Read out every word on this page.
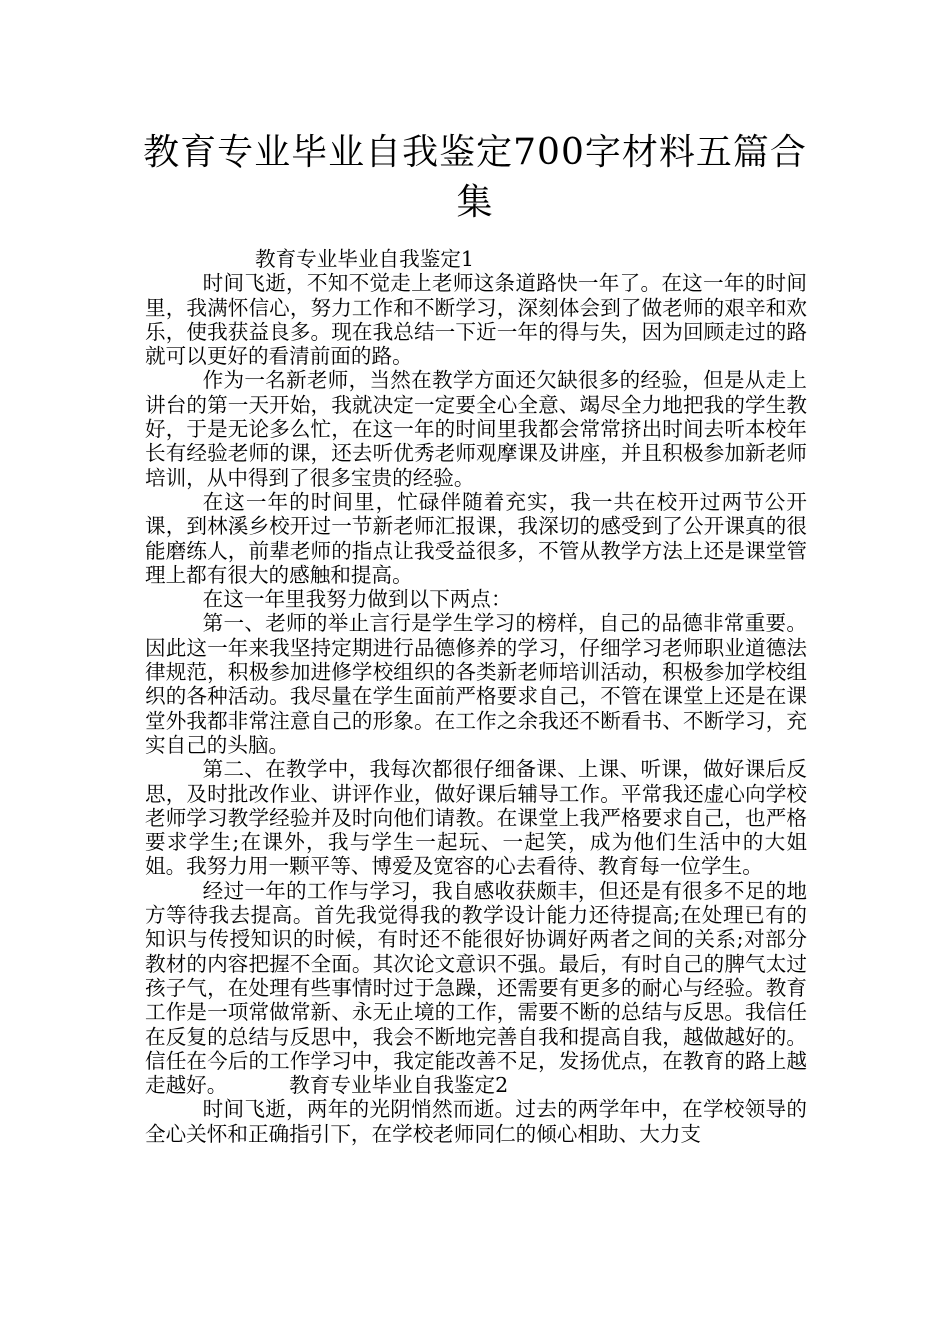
教育专业毕业自我鉴定700字材料五篇合集
教育专业毕业自我鉴定1

时间飞逝，不知不觉走上老师这条道路快一年了。在这一年的时间里，我满怀信心，努力工作和不断学习，深刻体会到了做老师的艰辛和欢乐，使我获益良多。现在我总结一下近一年的得与失，因为回顾走过的路就可以更好的看清前面的路。

作为一名新老师，当然在教学方面还欠缺很多的经验，但是从走上讲台的第一天开始，我就决定一定要全心全意、竭尽全力地把我的学生教好，于是无论多么忙，在这一年的时间里我都会常常挤出时间去听本校年长有经验老师的课，还去听优秀老师观摩课及讲座，并且积极参加新老师培训，从中得到了很多宝贵的经验。

在这一年的时间里，忙碌伴随着充实，我一共在校开过两节公开课，到林溪乡校开过一节新老师汇报课，我深切的感受到了公开课真的很能磨练人，前辈老师的指点让我受益很多，不管从教学方法上还是课堂管理上都有很大的感触和提高。

在这一年里我努力做到以下两点：

第一、老师的举止言行是学生学习的榜样，自己的品德非常重要。因此这一年来我坚持定期进行品德修养的学习，仔细学习老师职业道德法律规范，积极参加进修学校组织的各类新老师培训活动，积极参加学校组织的各种活动。我尽量在学生面前严格要求自己，不管在课堂上还是在课堂外我都非常注意自己的形象。在工作之余我还不断看书、不断学习，充实自己的头脑。

第二、在教学中，我每次都很仔细备课、上课、听课，做好课后反思，及时批改作业、讲评作业，做好课后辅导工作。平常我还虚心向学校老师学习教学经验并及时向他们请教。在课堂上我严格要求自己，也严格要求学生;在课外，我与学生一起玩、一起笑，成为他们生活中的大姐姐。我努力用一颗平等、博爱及宽容的心去看待、教育每一位学生。

经过一年的工作与学习，我自感收获颇丰，但还是有很多不足的地方等待我去提高。首先我觉得我的教学设计能力还待提高;在处理已有的知识与传授知识的时候，有时还不能很好协调好两者之间的关系;对部分教材的内容把握不全面。其次论文意识不强。最后，有时自己的脾气太过孩子气，在处理有些事情时过于急躁，还需要有更多的耐心与经验。教育工作是一项常做常新、永无止境的工作，需要不断的总结与反思。我信任在反复的总结与反思中，我会不断地完善自我和提高自我，越做越好的。信任在今后的工作学习中，我定能改善不足，发扬优点，在教育的路上越走越好。	教育专业毕业自我鉴定2

时间飞逝，两年的光阴悄然而逝。过去的两学年中，在学校领导的全心关怀和正确指引下，在学校老师同仁的倾心相助、大力支
